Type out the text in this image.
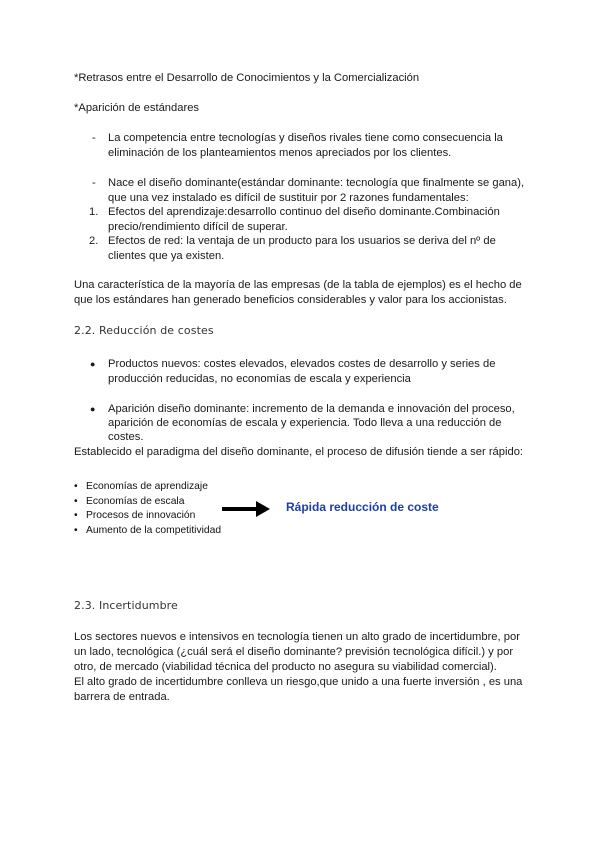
*Retrasos entre el Desarrollo de Conocimientos y la Comercialización
*Aparición de estándares
- La competencia entre tecnologías y diseños rivales tiene como consecuencia la
eliminación de los planteamientos menos apreciados por los clientes.
- Nace el diseño dominante(estándar dominante: tecnología que finalmente se gana),
que una vez instalado es difícil de sustituir por 2 razones fundamentales:
1. Efectos del aprendizaje:desarrollo continuo del diseño dominante.Combinación
precio/rendimiento difícil de superar.
2. Efectos de red: la ventaja de un producto para los usuarios se deriva del nº de
clientes que ya existen.
Una característica de la mayoría de las empresas (de la tabla de ejemplos) es el hecho de
que los estándares han generado beneficios considerables y valor para los accionistas.
2.2. Reducción de costes
● Productos nuevos: costes elevados, elevados costes de desarrollo y series de
producción reducidas, no economías de escala y experiencia
● Aparición diseño dominante: incremento de la demanda e innovación del proceso,
aparición de economías de escala y experiencia. Todo lleva a una reducción de
costes.
Establecido el paradigma del diseño dominante, el proceso de difusión tiende a ser rápido:
• Economías de aprendizaje
• Economías de escala
• Procesos de innovación
• Aumento de la competitividad
Rápida reducción de coste
2.3. Incertidumbre
Los sectores nuevos e intensivos en tecnología tienen un alto grado de incertidumbre, por
un lado, tecnológica (¿cuál será el diseño dominante? previsión tecnológica difícil.) y por
otro, de mercado (viabilidad técnica del producto no asegura su viabilidad comercial).
El alto grado de incertidumbre conlleva un riesgo,que unido a una fuerte inversión , es una
barrera de entrada.
